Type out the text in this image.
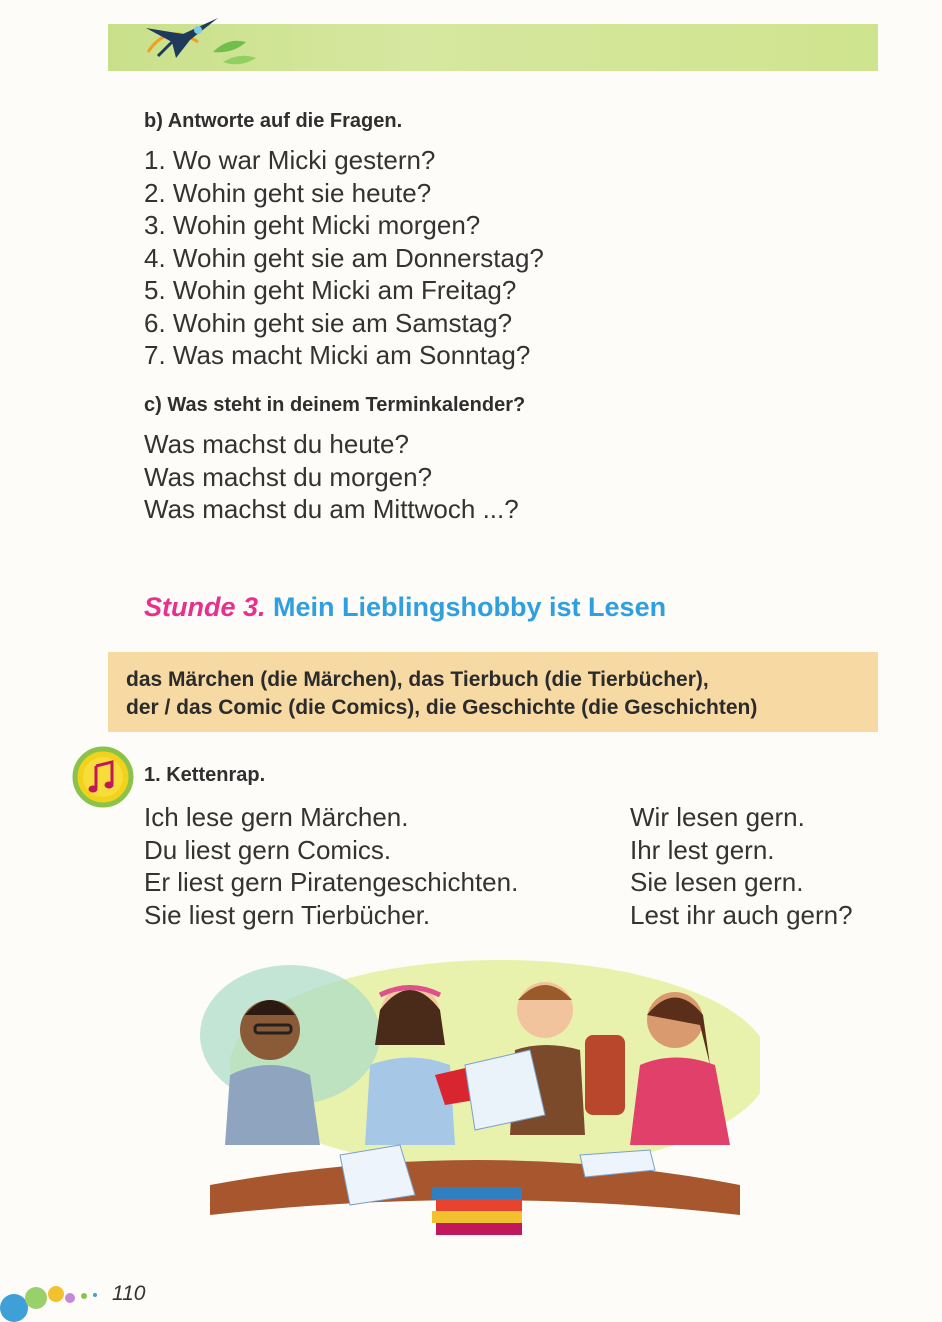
b) Antworte auf die Fragen.
1. Wo war Micki gestern?
2. Wohin geht sie heute?
3. Wohin geht Micki morgen?
4. Wohin geht sie am Donnerstag?
5. Wohin geht Micki am Freitag?
6. Wohin geht sie am Samstag?
7. Was macht Micki am Sonntag?
c) Was steht in deinem Terminkalender?
Was machst du heute?
Was machst du morgen?
Was machst du am Mittwoch ...?
Stunde 3. Mein Lieblingshobby ist Lesen
das Märchen (die Märchen), das Tierbuch (die Tierbücher),
der / das Comic (die Comics), die Geschichte (die Geschichten)
1. Kettenrap.
Ich lese gern Märchen.
Du liest gern Comics.
Er liest gern Piratengeschichten.
Sie liest gern Tierbücher.
Wir lesen gern.
Ihr lest gern.
Sie lesen gern.
Lest ihr auch gern?
110
